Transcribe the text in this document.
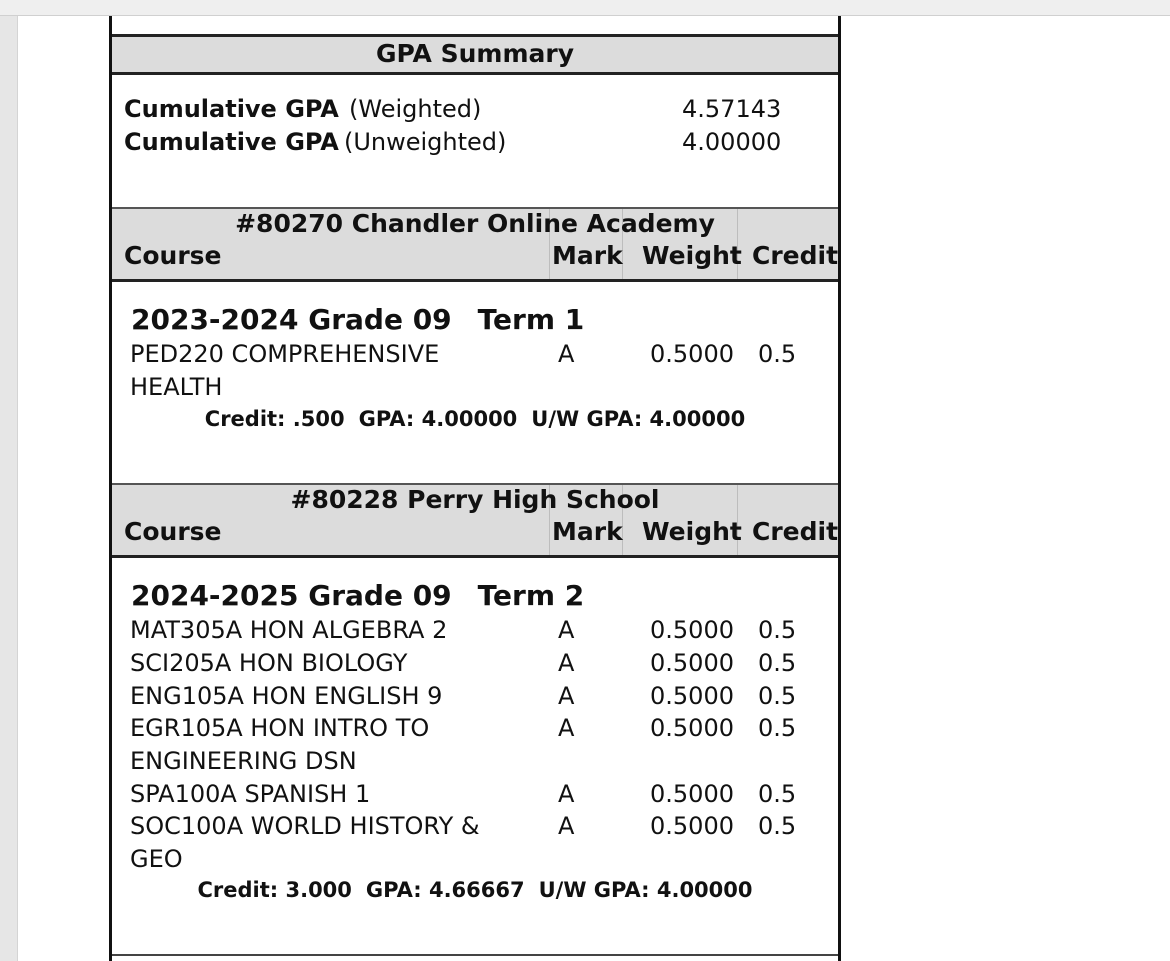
GPA Summary
Cumulative GPA (Weighted)	4.57143
Cumulative GPA (Unweighted)	4.00000
#80270 Chandler Online Academy
Course	Mark Weight Credit
2023-2024 Grade 09 Term 1
PED220 COMPREHENSIVE	A	0.5000 0.5
HEALTH
Credit: .500 GPA: 4.00000 U/W GPA: 4.00000
#80228 Perry High School
Course	Mark Weight Credit
2024-2025 Grade 09 Term 2
MAT305A HON ALGEBRA 2	A	0.5000 0.5
SCI205A HON BIOLOGY	A	0.5000 0.5
ENG105A HON ENGLISH 9	A	0.5000 0.5
EGR105A HON INTRO TO	A	0.5000 0.5
ENGINEERING DSN
SPA100A SPANISH 1	A	0.5000 0.5
SOC100A WORLD HISTORY &	A	0.5000 0.5
GEO
Credit: 3.000 GPA: 4.66667 U/W GPA: 4.00000
